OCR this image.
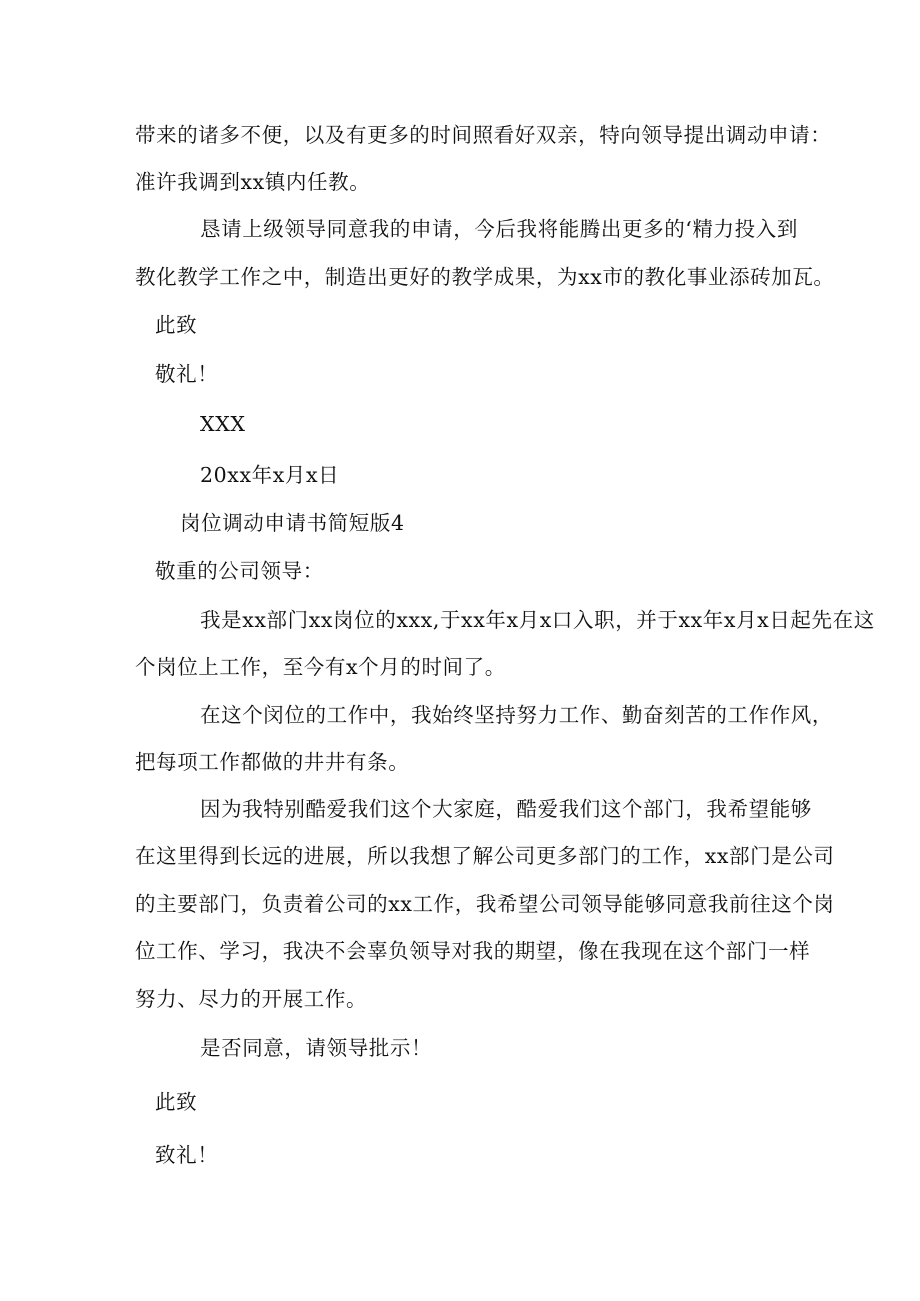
带来的诸多不便，以及有更多的时间照看好双亲，特向领导提出调动申请：
准许我调到xx镇内任教。
恳请上级领导同意我的申请，今后我将能腾出更多的‘精力投入到
教化教学工作之中，制造出更好的教学成果，为xx市的教化事业添砖加瓦。
此致
敬礼！
XXX
20xx年x月x日
岗位调动申请书简短版4
敬重的公司领导：
我是xx部门xx岗位的xxx,于xx年x月x口入职，并于xx年x月x日起先在这
个岗位上工作，至今有x个月的时间了。
在这个闵位的工作中，我始终坚持努力工作、勤奋刻苦的工作作风，
把每项工作都做的井井有条。
因为我特别酷爱我们这个大家庭，酷爱我们这个部门，我希望能够
在这里得到长远的进展，所以我想了解公司更多部门的工作，xx部门是公司
的主要部门，负责着公司的xx工作，我希望公司领导能够同意我前往这个岗
位工作、学习，我决不会辜负领导对我的期望，像在我现在这个部门一样
努力、尽力的开展工作。
是否同意，请领导批示！
此致
致礼！
